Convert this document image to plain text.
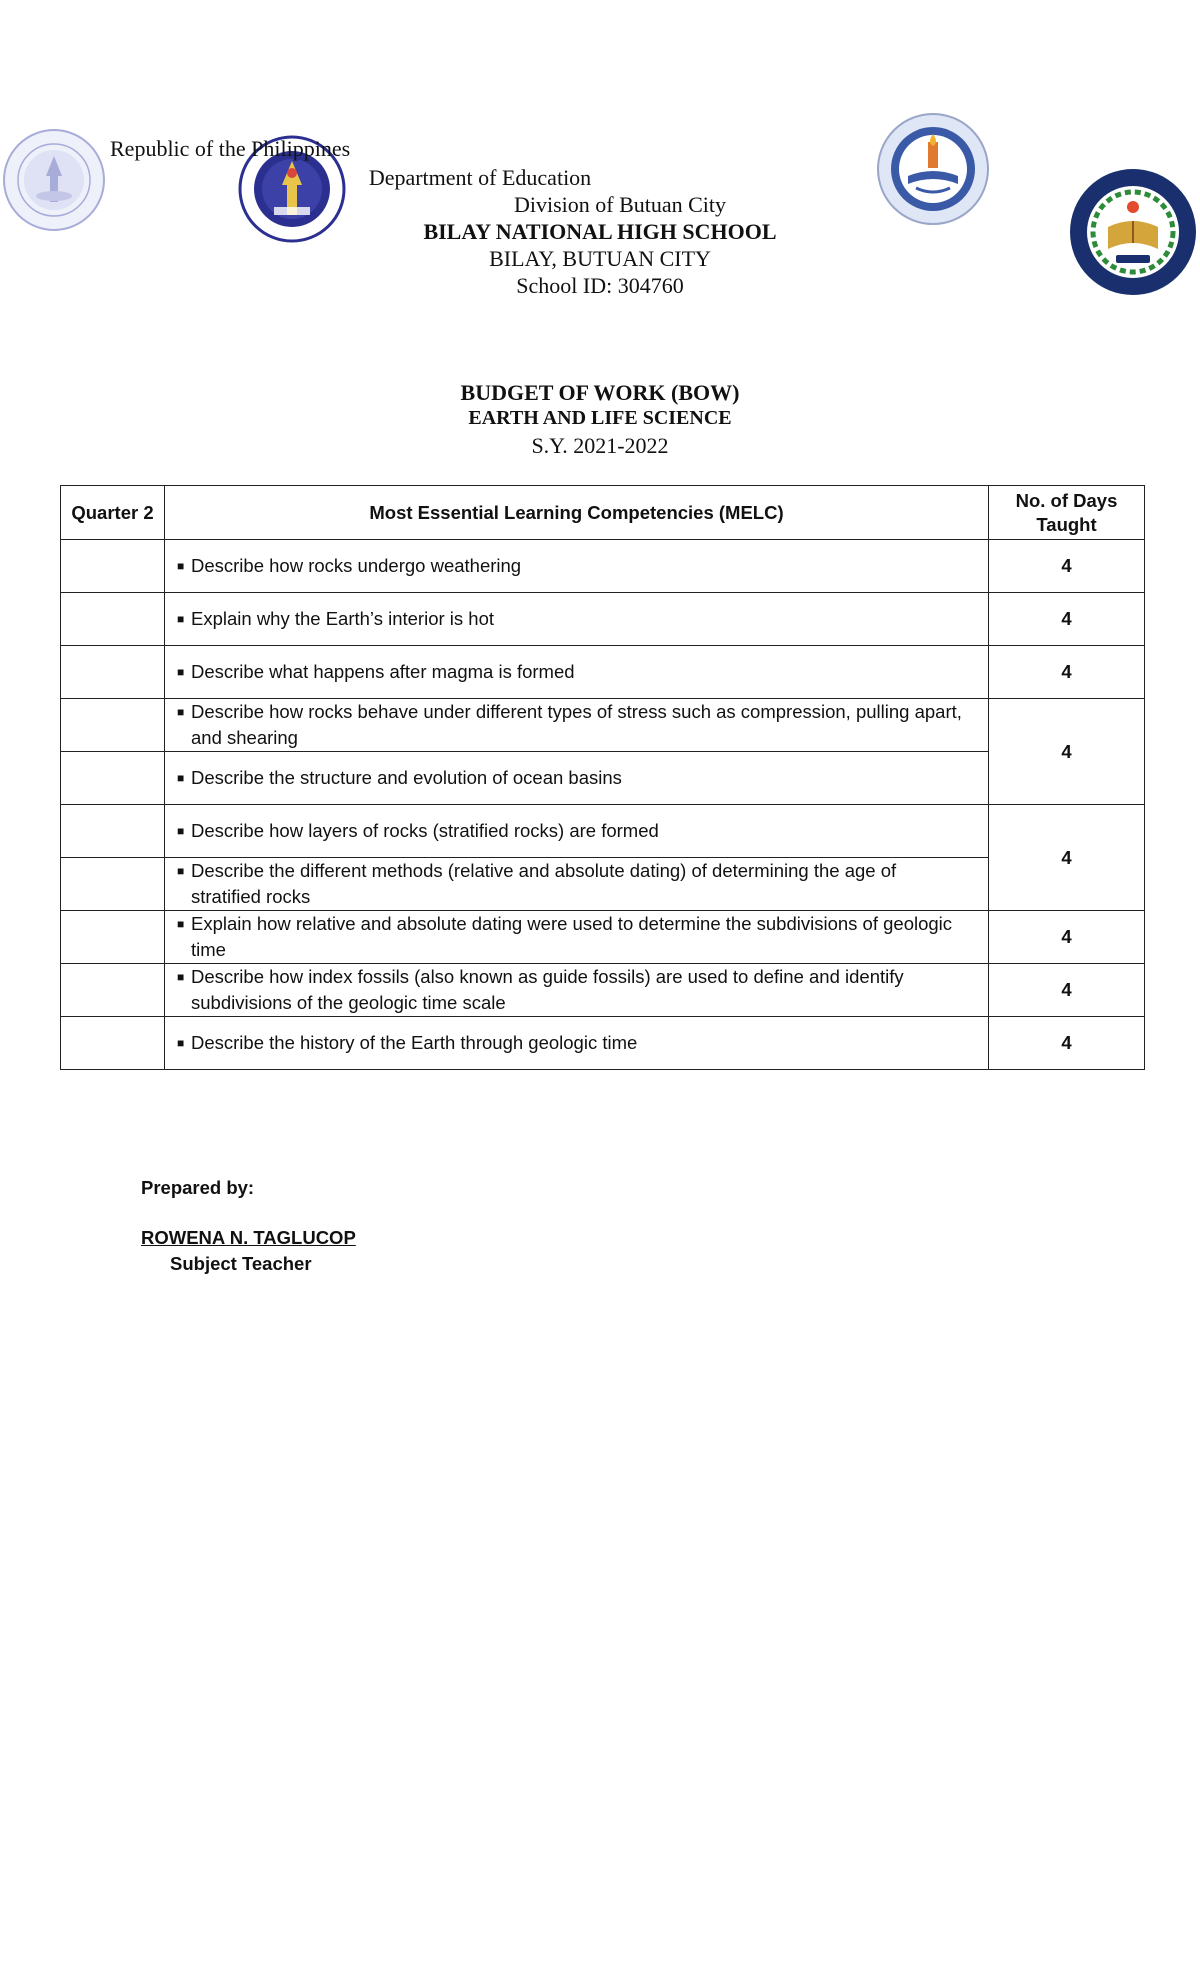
Republic of the Philippines
Department of Education
Division of Butuan City
BILAY NATIONAL HIGH SCHOOL
BILAY, BUTUAN CITY
School ID: 304760
BUDGET OF WORK (BOW)
EARTH AND LIFE SCIENCE
S.Y. 2021-2022
Quarter 2	Most Essential Learning Competencies (MELC)	No. of Days Taught

	■ Describe how rocks undergo weathering	4

	■ Explain why the Earth’s interior is hot	4

	■ Describe what happens after magma is formed	4

	■ Describe how rocks behave under different types of stress such as compression, pulling apart, and shearing	4

	■ Describe the structure and evolution of ocean basins	

	■ Describe how layers of rocks (stratified rocks) are formed	4

	■ Describe the different methods (relative and absolute dating) of determining the age of stratified rocks	

	■ Explain how relative and absolute dating were used to determine the subdivisions of geologic time	4

	■ Describe how index fossils (also known as guide fossils) are used to define and identify subdivisions of the geologic time scale	4

	■ Describe the history of the Earth through geologic time	4
Prepared by:
ROWENA N. TAGLUCOP
Subject Teacher
